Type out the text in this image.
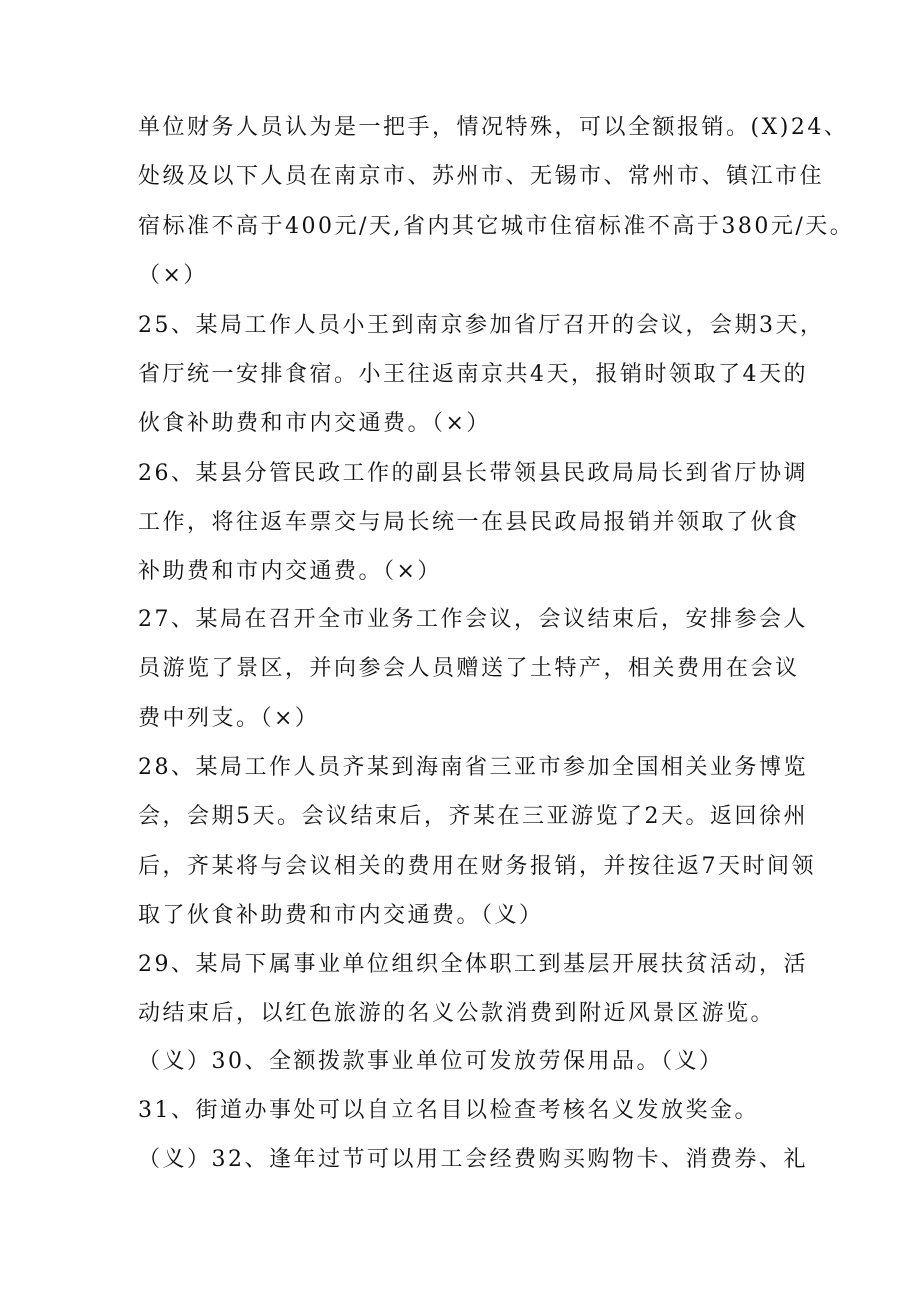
单位财务人员认为是一把手，情况特殊，可以全额报销。(X)24、
处级及以下人员在南京市、苏州市、无锡市、常州市、镇江市住
宿标准不高于400元/天,省内其它城市住宿标准不高于380元/天。
（×）
25、某局工作人员小王到南京参加省厅召开的会议，会期3天，
省厅统一安排食宿。小王往返南京共4天，报销时领取了4天的
伙食补助费和市内交通费。（×）
26、某县分管民政工作的副县长带领县民政局局长到省厅协调
工作，将往返车票交与局长统一在县民政局报销并领取了伙食
补助费和市内交通费。（×）
27、某局在召开全市业务工作会议，会议结束后，安排参会人
员游览了景区，并向参会人员赠送了土特产，相关费用在会议
费中列支。（×）
28、某局工作人员齐某到海南省三亚市参加全国相关业务博览
会，会期5天。会议结束后，齐某在三亚游览了2天。返回徐州
后，齐某将与会议相关的费用在财务报销，并按往返7天时间领
取了伙食补助费和市内交通费。（义）
29、某局下属事业单位组织全体职工到基层开展扶贫活动，活
动结束后，以红色旅游的名义公款消费到附近风景区游览。
（义）30、全额拨款事业单位可发放劳保用品。（义）
31、街道办事处可以自立名目以检查考核名义发放奖金。
（义）32、逢年过节可以用工会经费购买购物卡、消费券、礼
